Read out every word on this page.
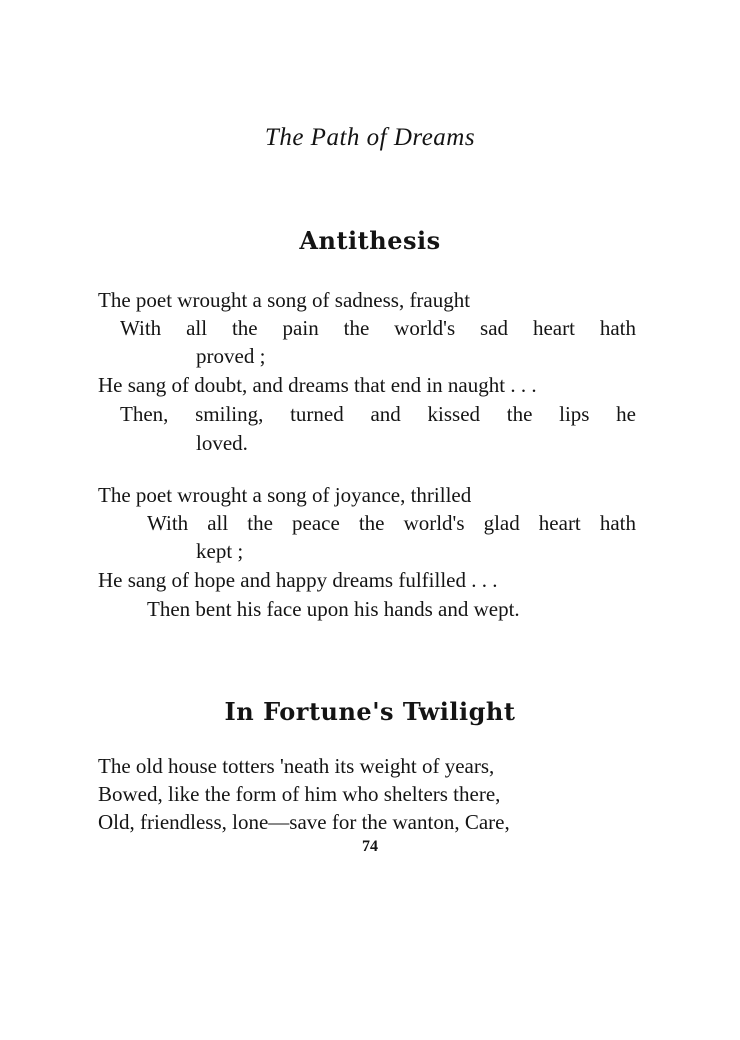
The Path of Dreams
Antithesis
The poet wrought a song of sadness, fraught
With all the pain the world's sad heart hath
proved ;
He sang of doubt, and dreams that end in naught . . .
Then, smiling, turned and kissed the lips he
loved.
The poet wrought a song of joyance, thrilled
With all the peace the world's glad heart hath
kept ;
He sang of hope and happy dreams fulfilled . . .
Then bent his face upon his hands and wept.
In Fortune's Twilight
The old house totters 'neath its weight of years,
Bowed, like the form of him who shelters there,
Old, friendless, lone—save for the wanton, Care,
74
